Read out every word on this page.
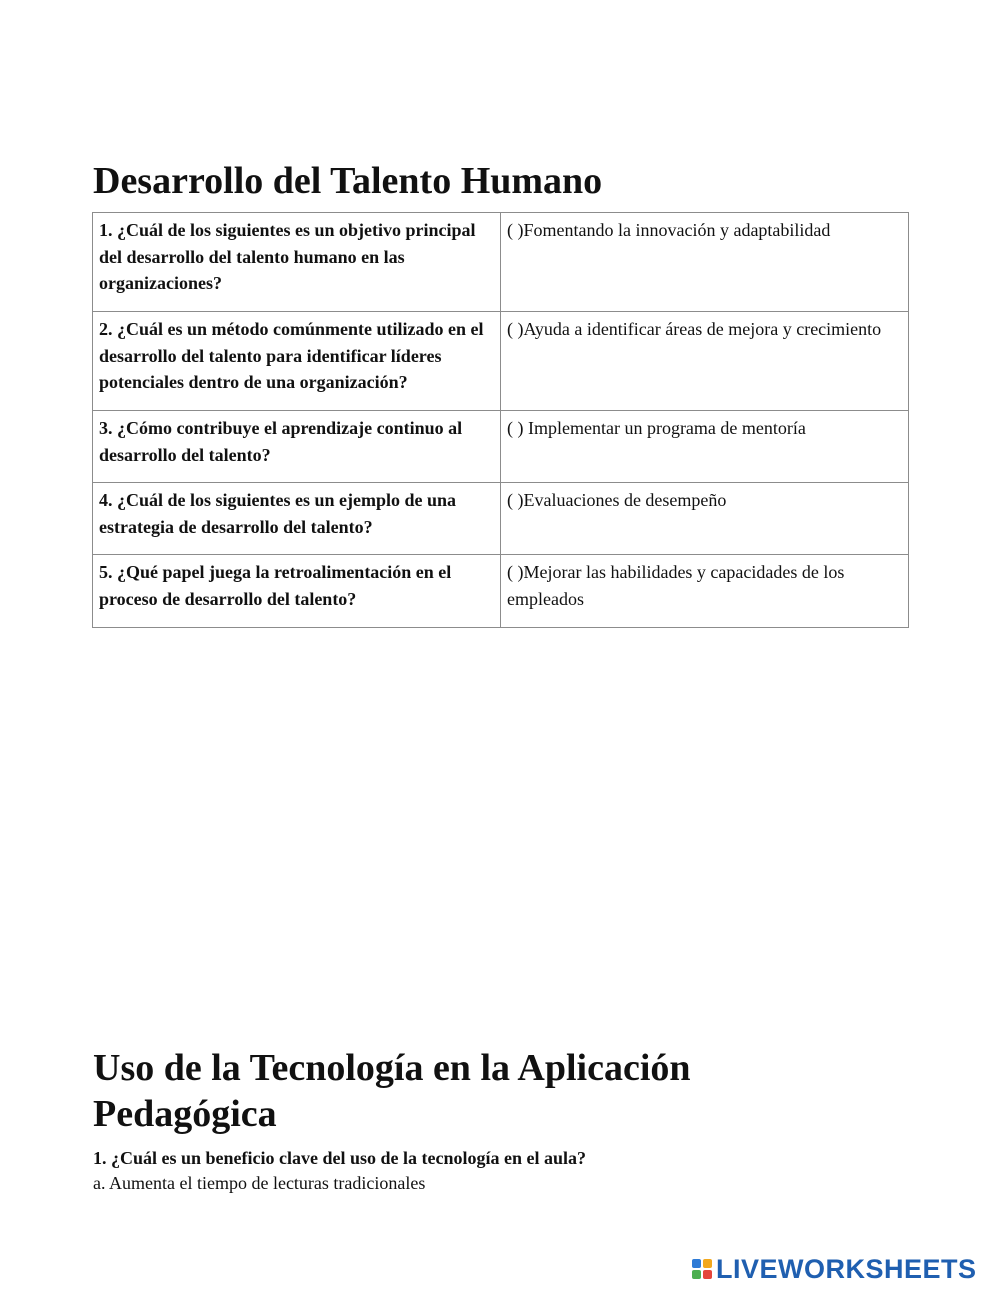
Desarrollo del Talento Humano
1. ¿Cuál de los siguientes es un objetivo principal del desarrollo del talento humano en las organizaciones?	( )Fomentando la innovación y adaptabilidad
2. ¿Cuál es un método comúnmente utilizado en el desarrollo del talento para identificar líderes potenciales dentro de una organización?	( )Ayuda a identificar áreas de mejora y crecimiento
3. ¿Cómo contribuye el aprendizaje continuo al desarrollo del talento?	( ) Implementar un programa de mentoría
4. ¿Cuál de los siguientes es un ejemplo de una estrategia de desarrollo del talento?	( )Evaluaciones de desempeño
5. ¿Qué papel juega la retroalimentación en el proceso de desarrollo del talento?	( )Mejorar las habilidades y capacidades de los empleados
Uso de la Tecnología en la Aplicación Pedagógica
1. ¿Cuál es un beneficio clave del uso de la tecnología en el aula?
a. Aumenta el tiempo de lecturas tradicionales
LIVEWORKSHEETS
